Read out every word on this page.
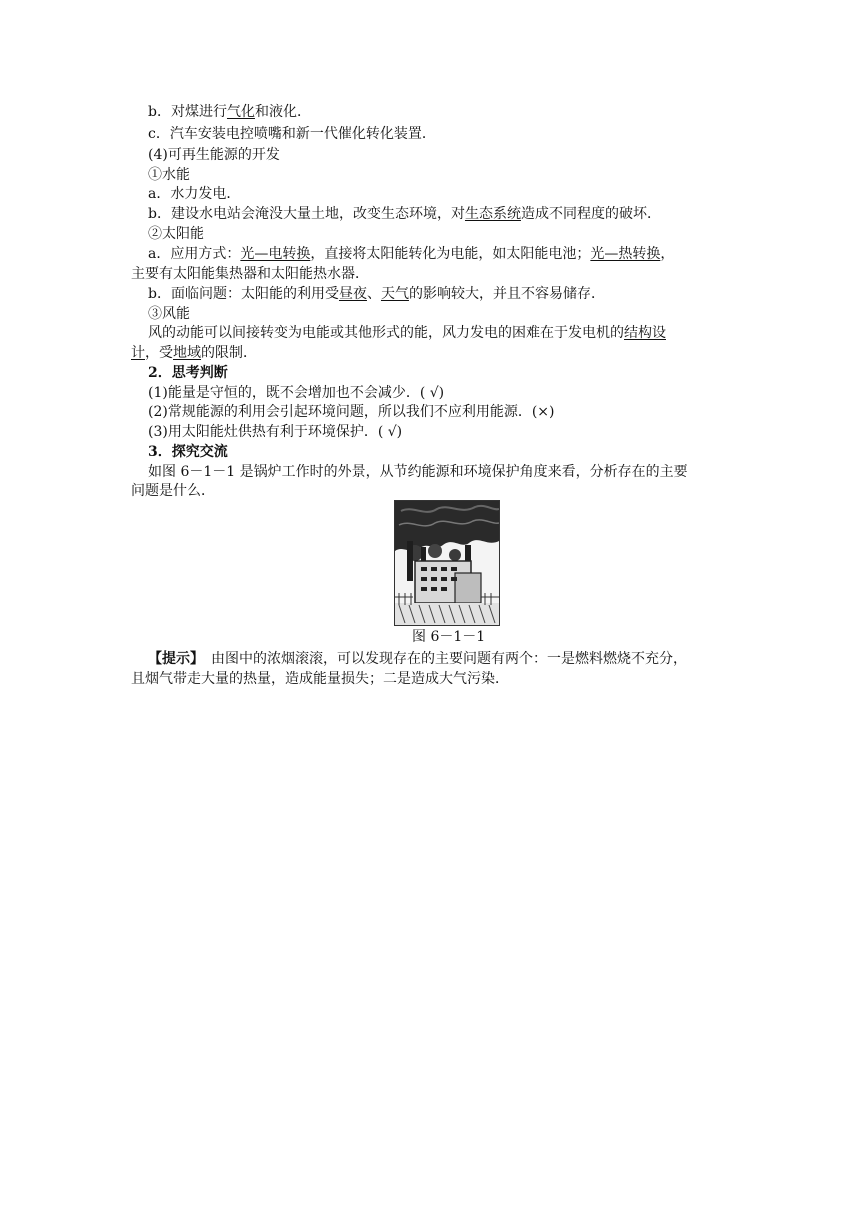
b．对煤进行气化和液化．
c．汽车安装电控喷嘴和新一代催化转化装置．
(4)可再生能源的开发
①水能
a．水力发电．
b．建设水电站会淹没大量土地，改变生态环境，对生态系统造成不同程度的破坏．
②太阳能
a．应用方式：光—电转换，直接将太阳能转化为电能，如太阳能电池；光—热转换，
主要有太阳能集热器和太阳能热水器．
b．面临问题：太阳能的利用受昼夜、天气的影响较大，并且不容易储存．
③风能
风的动能可以间接转变为电能或其他形式的能，风力发电的困难在于发电机的结构设
计，受地域的限制．
2．思考判断
(1)能量是守恒的，既不会增加也不会减少．( √)
(2)常规能源的利用会引起环境问题，所以我们不应利用能源．(×)
(3)用太阳能灶供热有利于环境保护．( √)
3．探究交流
如图 6－1－1 是锅炉工作时的外景，从节约能源和环境保护角度来看，分析存在的主要
问题是什么．
图 6－1－1
【提示】　由图中的浓烟滚滚，可以发现存在的主要问题有两个：一是燃料燃烧不充分，
且烟气带走大量的热量，造成能量损失；二是造成大气污染．
